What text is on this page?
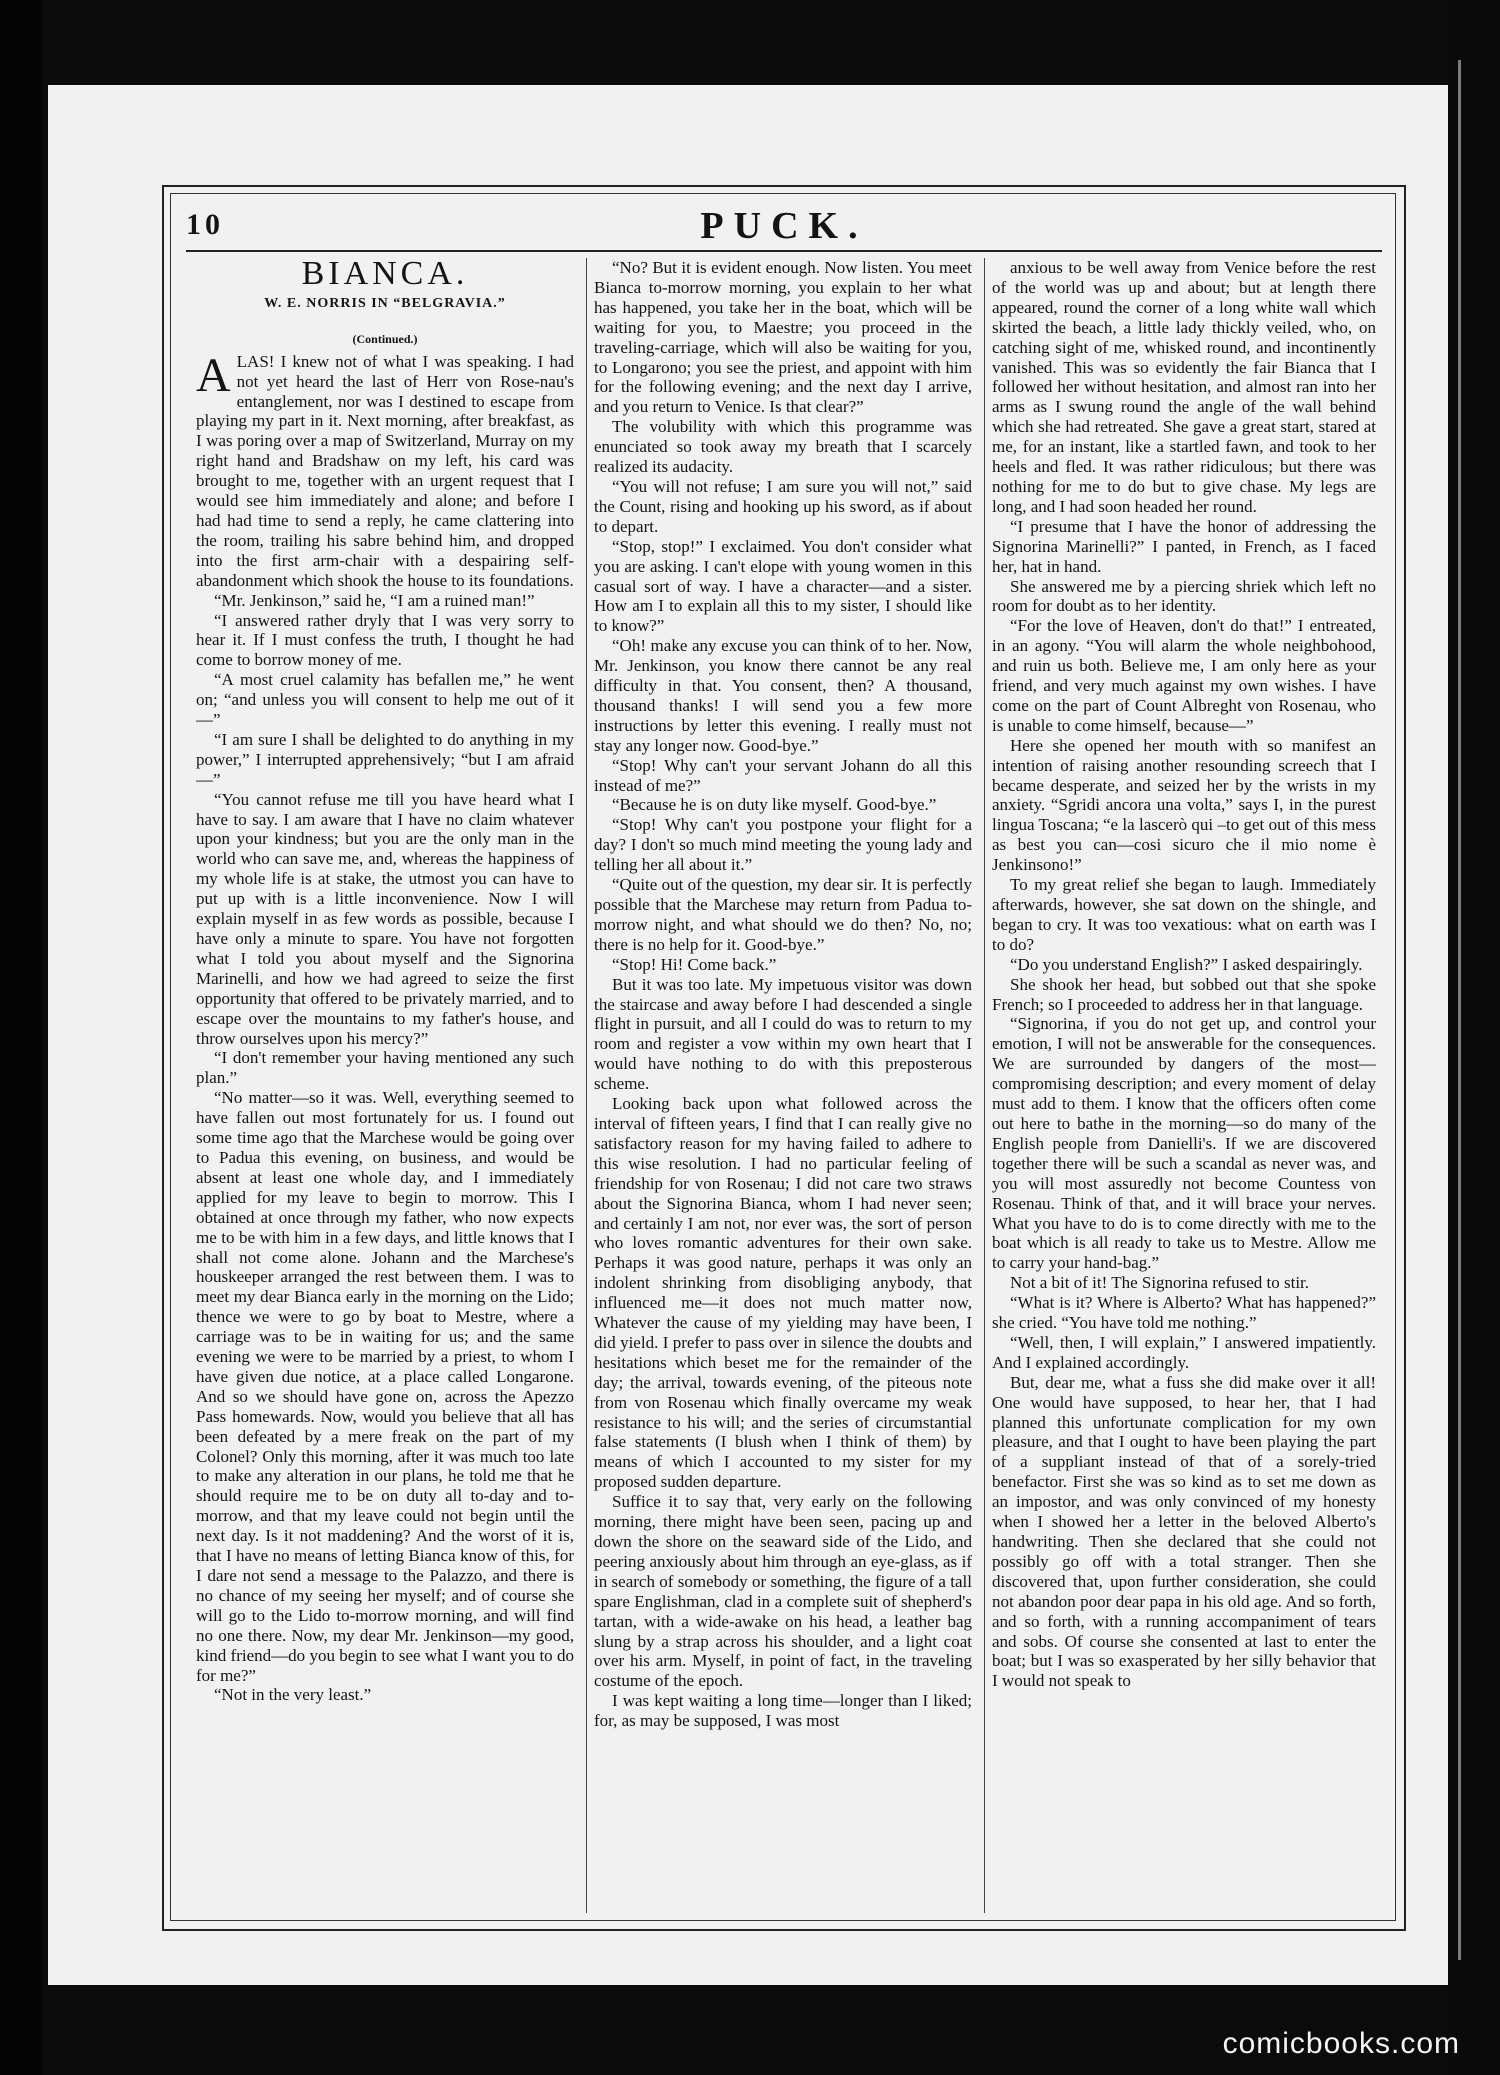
10	PUCK.
BIANCA.
W. E. NORRIS IN “BELGRAVIA.”
(Continued.)

ALAS! I knew not of what I was speaking. I had not yet heard the last of Herr von Rose-nau's entanglement, nor was I destined to escape from playing my part in it. Next morning, after breakfast, as I was poring over a map of Switzerland, Murray on my right hand and Bradshaw on my left, his card was brought to me, together with an urgent request that I would see him immediately and alone; and before I had had time to send a reply, he came clattering into the room, trailing his sabre behind him, and dropped into the first arm-chair with a despairing self-abandonment which shook the house to its foundations.

“Mr. Jenkinson,” said he, “I am a ruined man!”

“I answered rather dryly that I was very sorry to hear it. If I must confess the truth, I thought he had come to borrow money of me.

“A most cruel calamity has befallen me,” he went on; “and unless you will consent to help me out of it—”

“I am sure I shall be delighted to do anything in my power,” I interrupted apprehensively; “but I am afraid—”

“You cannot refuse me till you have heard what I have to say. I am aware that I have no claim whatever upon your kindness; but you are the only man in the world who can save me, and, whereas the happiness of my whole life is at stake, the utmost you can have to put up with is a little inconvenience. Now I will explain myself in as few words as possible, because I have only a minute to spare. You have not forgotten what I told you about myself and the Signorina Marinelli, and how we had agreed to seize the first opportunity that offered to be privately married, and to escape over the mountains to my father's house, and throw ourselves upon his mercy?”

“I don't remember your having mentioned any such plan.”

“No matter—so it was. Well, everything seemed to have fallen out most fortunately for us. I found out some time ago that the Marchese would be going over to Padua this evening, on business, and would be absent at least one whole day, and I immediately applied for my leave to begin to morrow. This I obtained at once through my father, who now expects me to be with him in a few days, and little knows that I shall not come alone. Johann and the Marchese's houskeeper arranged the rest between them. I was to meet my dear Bianca early in the morning on the Lido; thence we were to go by boat to Mestre, where a carriage was to be in waiting for us; and the same evening we were to be married by a priest, to whom I have given due notice, at a place called Longarone. And so we should have gone on, across the Apezzo Pass homewards. Now, would you believe that all has been defeated by a mere freak on the part of my Colonel? Only this morning, after it was much too late to make any alteration in our plans, he told me that he should require me to be on duty all to-day and to-morrow, and that my leave could not begin until the next day. Is it not maddening? And the worst of it is, that I have no means of letting Bianca know of this, for I dare not send a message to the Palazzo, and there is no chance of my seeing her myself; and of course she will go to the Lido to-morrow morning, and will find no one there. Now, my dear Mr. Jenkinson—my good, kind friend—do you begin to see what I want you to do for me?”

“Not in the very least.”

“No? But it is evident enough. Now listen. You meet Bianca to-morrow morning, you explain to her what has happened, you take her in the boat, which will be waiting for you, to Maestre; you proceed in the traveling-carriage, which will also be waiting for you, to Longarono; you see the priest, and appoint with him for the following evening; and the next day I arrive, and you return to Venice. Is that clear?”

The volubility with which this programme was enunciated so took away my breath that I scarcely realized its audacity.

“You will not refuse; I am sure you will not,” said the Count, rising and hooking up his sword, as if about to depart.

“Stop, stop!” I exclaimed. You don't consider what you are asking. I can't elope with young women in this casual sort of way. I have a character—and a sister. How am I to explain all this to my sister, I should like to know?”

“Oh! make any excuse you can think of to her. Now, Mr. Jenkinson, you know there cannot be any real difficulty in that. You consent, then? A thousand, thousand thanks! I will send you a few more instructions by letter this evening. I really must not stay any longer now. Good-bye.”

“Stop! Why can't your servant Johann do all this instead of me?”

“Because he is on duty like myself. Good-bye.”

“Stop! Why can't you postpone your flight for a day? I don't so much mind meeting the young lady and telling her all about it.”

“Quite out of the question, my dear sir. It is perfectly possible that the Marchese may return from Padua to-morrow night, and what should we do then? No, no; there is no help for it. Good-bye.”

“Stop! Hi! Come back.”

But it was too late. My impetuous visitor was down the staircase and away before I had descended a single flight in pursuit, and all I could do was to return to my room and register a vow within my own heart that I would have nothing to do with this preposterous scheme.

Looking back upon what followed across the interval of fifteen years, I find that I can really give no satisfactory reason for my having failed to adhere to this wise resolution. I had no particular feeling of friendship for von Rosenau; I did not care two straws about the Signorina Bianca, whom I had never seen; and certainly I am not, nor ever was, the sort of person who loves romantic adventures for their own sake. Perhaps it was good nature, perhaps it was only an indolent shrinking from disobliging anybody, that influenced me—it does not much matter now, Whatever the cause of my yielding may have been, I did yield. I prefer to pass over in silence the doubts and hesitations which beset me for the remainder of the day; the arrival, towards evening, of the piteous note from von Rosenau which finally overcame my weak resistance to his will; and the series of circumstantial false statements (I blush when I think of them) by means of which I accounted to my sister for my proposed sudden departure.

Suffice it to say that, very early on the following morning, there might have been seen, pacing up and down the shore on the seaward side of the Lido, and peering anxiously about him through an eye-glass, as if in search of somebody or something, the figure of a tall spare Englishman, clad in a complete suit of shepherd's tartan, with a wide-awake on his head, a leather bag slung by a strap across his shoulder, and a light coat over his arm. Myself, in point of fact, in the traveling costume of the epoch.

I was kept waiting a long time—longer than I liked; for, as may be supposed, I was most

anxious to be well away from Venice before the rest of the world was up and about; but at length there appeared, round the corner of a long white wall which skirted the beach, a little lady thickly veiled, who, on catching sight of me, whisked round, and incontinently vanished. This was so evidently the fair Bianca that I followed her without hesitation, and almost ran into her arms as I swung round the angle of the wall behind which she had retreated. She gave a great start, stared at me, for an instant, like a startled fawn, and took to her heels and fled. It was rather ridiculous; but there was nothing for me to do but to give chase. My legs are long, and I had soon headed her round.

“I presume that I have the honor of addressing the Signorina Marinelli?” I panted, in French, as I faced her, hat in hand.

She answered me by a piercing shriek which left no room for doubt as to her identity.

“For the love of Heaven, don't do that!” I entreated, in an agony. “You will alarm the whole neighbohood, and ruin us both. Believe me, I am only here as your friend, and very much against my own wishes. I have come on the part of Count Albreght von Rosenau, who is unable to come himself, because—”

Here she opened her mouth with so manifest an intention of raising another resounding screech that I became desperate, and seized her by the wrists in my anxiety. “Sgridi ancora una volta,” says I, in the purest lingua Toscana; “e la lascerò qui –to get out of this mess as best you can—cosi sicuro che il mio nome è Jenkinsono!”

To my great relief she began to laugh. Immediately afterwards, however, she sat down on the shingle, and began to cry. It was too vexatious: what on earth was I to do?

“Do you understand English?” I asked despairingly.

She shook her head, but sobbed out that she spoke French; so I proceeded to address her in that language.

“Signorina, if you do not get up, and control your emotion, I will not be answerable for the consequences. We are surrounded by dangers of the most—compromising description; and every moment of delay must add to them. I know that the officers often come out here to bathe in the morning—so do many of the English people from Danielli's. If we are discovered together there will be such a scandal as never was, and you will most assuredly not become Countess von Rosenau. Think of that, and it will brace your nerves. What you have to do is to come directly with me to the boat which is all ready to take us to Mestre. Allow me to carry your hand-bag.”

Not a bit of it! The Signorina refused to stir.

“What is it? Where is Alberto? What has happened?” she cried. “You have told me nothing.”

“Well, then, I will explain,” I answered impatiently. And I explained accordingly.

But, dear me, what a fuss she did make over it all! One would have supposed, to hear her, that I had planned this unfortunate complication for my own pleasure, and that I ought to have been playing the part of a suppliant instead of that of a sorely-tried benefactor. First she was so kind as to set me down as an impostor, and was only convinced of my honesty when I showed her a letter in the beloved Alberto's handwriting. Then she declared that she could not possibly go off with a total stranger. Then she discovered that, upon further consideration, she could not abandon poor dear papa in his old age. And so forth, and so forth, with a running accompaniment of tears and sobs. Of course she consented at last to enter the boat; but I was so exasperated by her silly behavior that I would not speak to

comicbooks.com
